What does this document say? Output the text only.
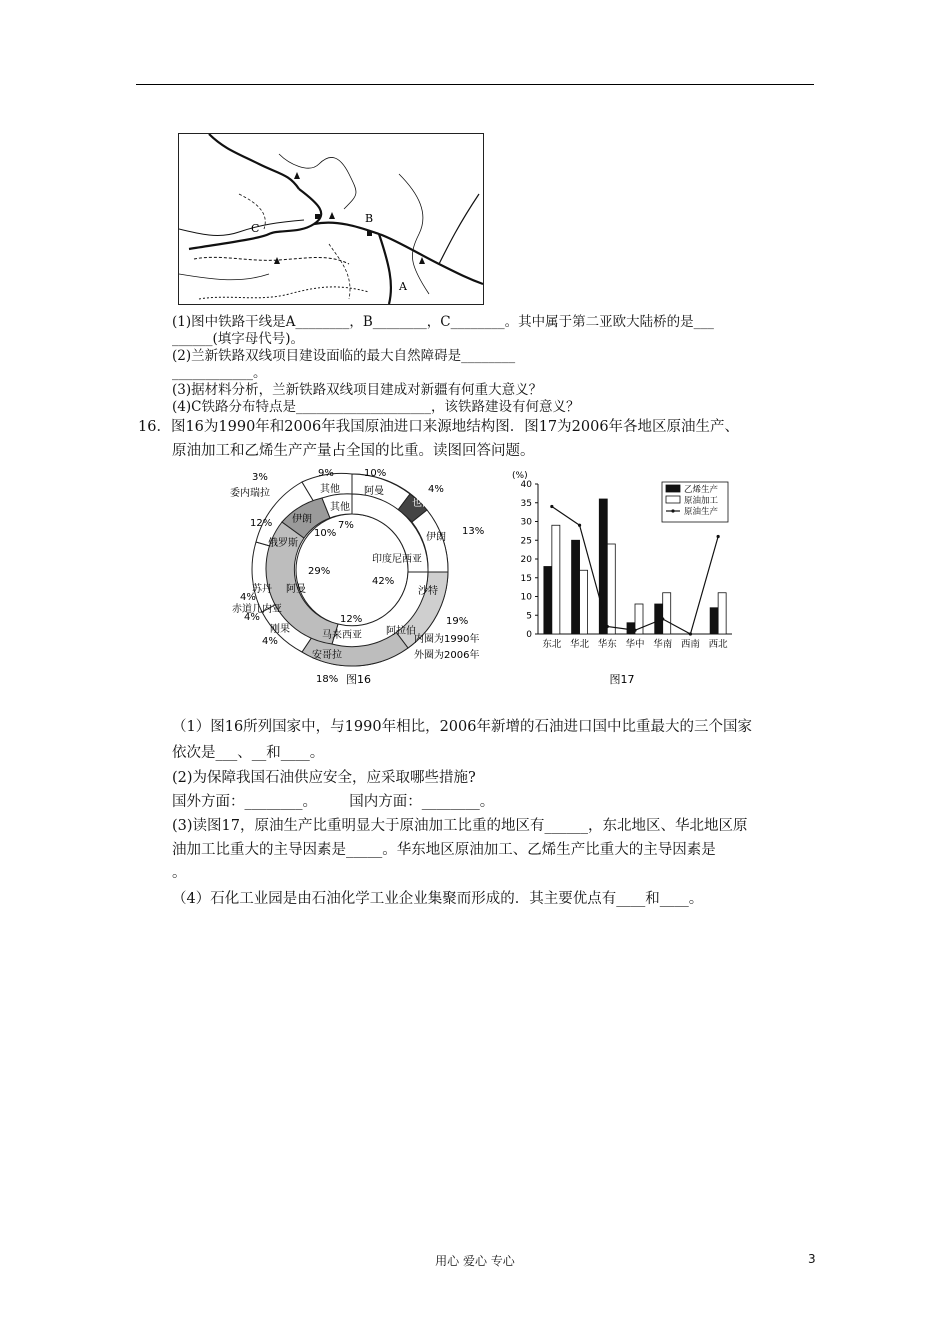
B
C
A
(1)图中铁路干线是A________，B________，C________。其中属于第二亚欧大陆桥的是___
______(填字母代号)。
(2)兰新铁路双线项目建设面临的最大自然障碍是________
____________。
(3)据材料分析，兰新铁路双线项目建成对新疆有何重大意义？
(4)C铁路分布特点是____________________，该铁路建设有何意义？
16．图16为1990年和2006年我国原油进口来源地结构图．图17为2006年各地区原油生产、
原油加工和乙烯生产产量占全国的比重。读图回答问题。
9%	10%
4%
13%
19%
18%
4%
4%
4%
12%
3%
其他 阿曼
也门
伊朗
沙特
阿拉伯
安哥拉
刚果
赤道几内亚
苏丹
俄罗斯
委内瑞拉
印度尼西亚
42%
马来西亚
12%
阿曼
29%
伊朗
10%
其他
7%
内圈为1990年
外圈为2006年
图16
0
5
10
15
20
25
30
35
40
(%)
东北 华北 华东 华中 华南 西南 西北
乙烯生产
原油加工
原油生产
图17
（1）图16所列国家中，与1990年相比，2006年新增的石油进口国中比重最大的三个国家
依次是___、__和____。
(2)为保障我国石油供应安全，应采取哪些措施?
国外方面：________。       国内方面：________。
(3)读图17，原油生产比重明显大于原油加工比重的地区有______，东北地区、华北地区原
油加工比重大的主导因素是_____。华东地区原油加工、乙烯生产比重大的主导因素是
。
（4）石化工业园是由石油化学工业企业集聚而形成的．其主要优点有____和____。
用心 爱心 专心	3
